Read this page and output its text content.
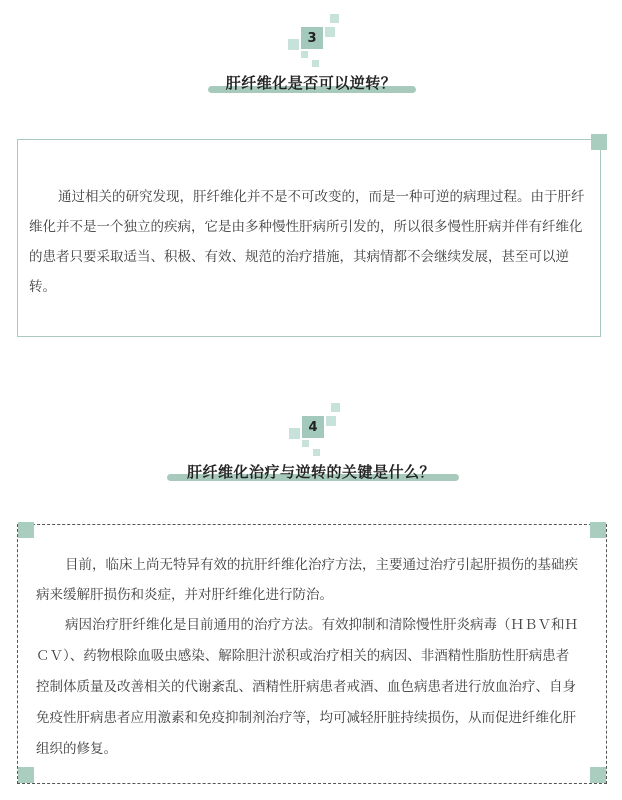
3
肝纤维化是否可以逆转？

通过相关的研究发现，肝纤维化并不是不可改变的，而是一种可逆的病理过程。由于肝纤

维化并不是一个独立的疾病，它是由多种慢性肝病所引发的，所以很多慢性肝病并伴有纤维化

的患者只要采取适当、积极、有效、规范的治疗措施，其病情都不会继续发展，甚至可以逆

转。

4
肝纤维化治疗与逆转的关键是什么？

目前，临床上尚无特异有效的抗肝纤维化治疗方法，主要通过治疗引起肝损伤的基础疾

病来缓解肝损伤和炎症，并对肝纤维化进行防治。

病因治疗肝纤维化是目前通用的治疗方法。有效抑制和清除慢性肝炎病毒（ＨＢＶ和Ｈ

ＣＶ）、药物根除血吸虫感染、解除胆汁淤积或治疗相关的病因、非酒精性脂肪性肝病患者

控制体质量及改善相关的代谢紊乱、酒精性肝病患者戒酒、血色病患者进行放血治疗、自身

免疫性肝病患者应用激素和免疫抑制剂治疗等，均可减轻肝脏持续损伤，从而促进纤维化肝

组织的修复。
